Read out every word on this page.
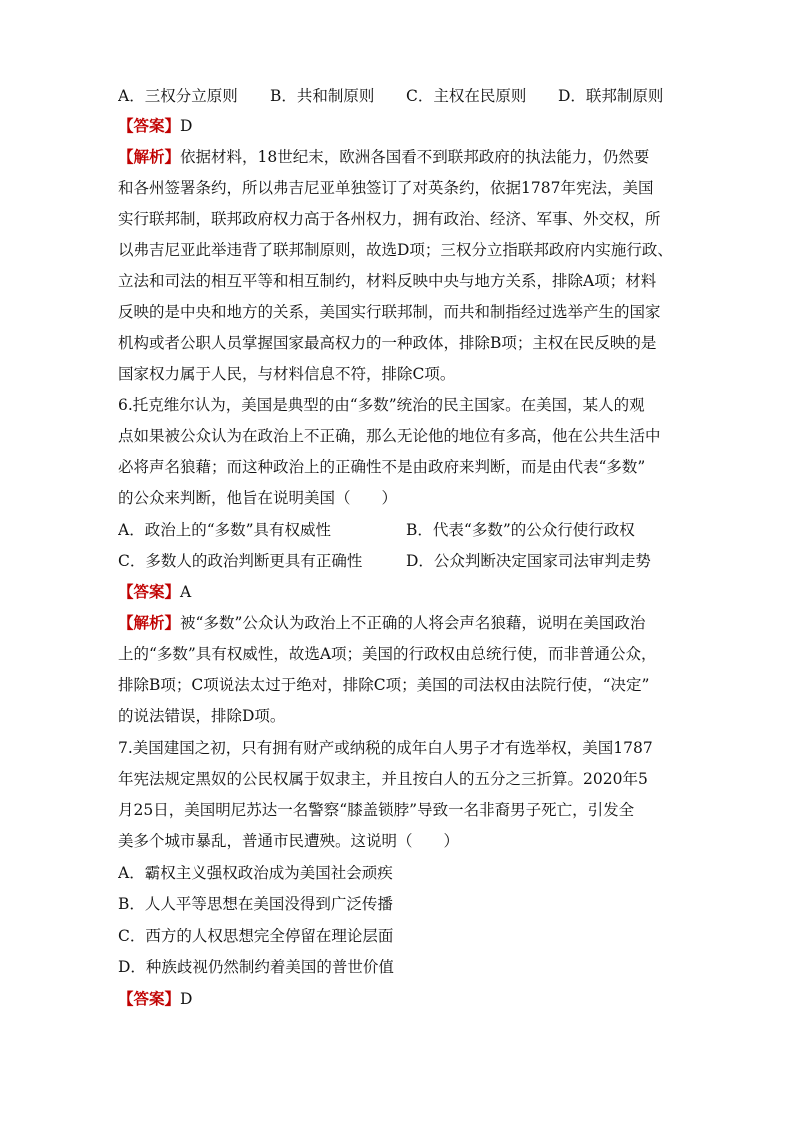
A．三权分立原则 B．共和制原则 C．主权在民原则 D．联邦制原则
【答案】D
【解析】依据材料，18世纪末，欧洲各国看不到联邦政府的执法能力，仍然要
和各州签署条约，所以弗吉尼亚单独签订了对英条约，依据1787年宪法，美国
实行联邦制，联邦政府权力高于各州权力，拥有政治、经济、军事、外交权，所
以弗吉尼亚此举违背了联邦制原则，故选D项；三权分立指联邦政府内实施行政、
立法和司法的相互平等和相互制约，材料反映中央与地方关系，排除A项；材料
反映的是中央和地方的关系，美国实行联邦制，而共和制指经过选举产生的国家
机构或者公职人员掌握国家最高权力的一种政体，排除B项；主权在民反映的是
国家权力属于人民，与材料信息不符，排除C项。
6.托克维尔认为，美国是典型的由“多数”统治的民主国家。在美国，某人的观
点如果被公众认为在政治上不正确，那么无论他的地位有多高，他在公共生活中
必将声名狼藉；而这种政治上的正确性不是由政府来判断，而是由代表“多数”
的公众来判断，他旨在说明美国（　　）
A．政治上的“多数”具有权威性	B．代表“多数”的公众行使行政权
C．多数人的政治判断更具有正确性	D．公众判断决定国家司法审判走势
【答案】A
【解析】被“多数”公众认为政治上不正确的人将会声名狼藉，说明在美国政治
上的“多数”具有权威性，故选A项；美国的行政权由总统行使，而非普通公众，
排除B项；C项说法太过于绝对，排除C项；美国的司法权由法院行使，“决定”
的说法错误，排除D项。
7.美国建国之初，只有拥有财产或纳税的成年白人男子才有选举权，美国1787
年宪法规定黑奴的公民权属于奴隶主，并且按白人的五分之三折算。2020年5
月25日，美国明尼苏达一名警察“膝盖锁脖”导致一名非裔男子死亡，引发全
美多个城市暴乱，普通市民遭殃。这说明（　　）
A．霸权主义强权政治成为美国社会顽疾
B．人人平等思想在美国没得到广泛传播
C．西方的人权思想完全停留在理论层面
D．种族歧视仍然制约着美国的普世价值
【答案】D
